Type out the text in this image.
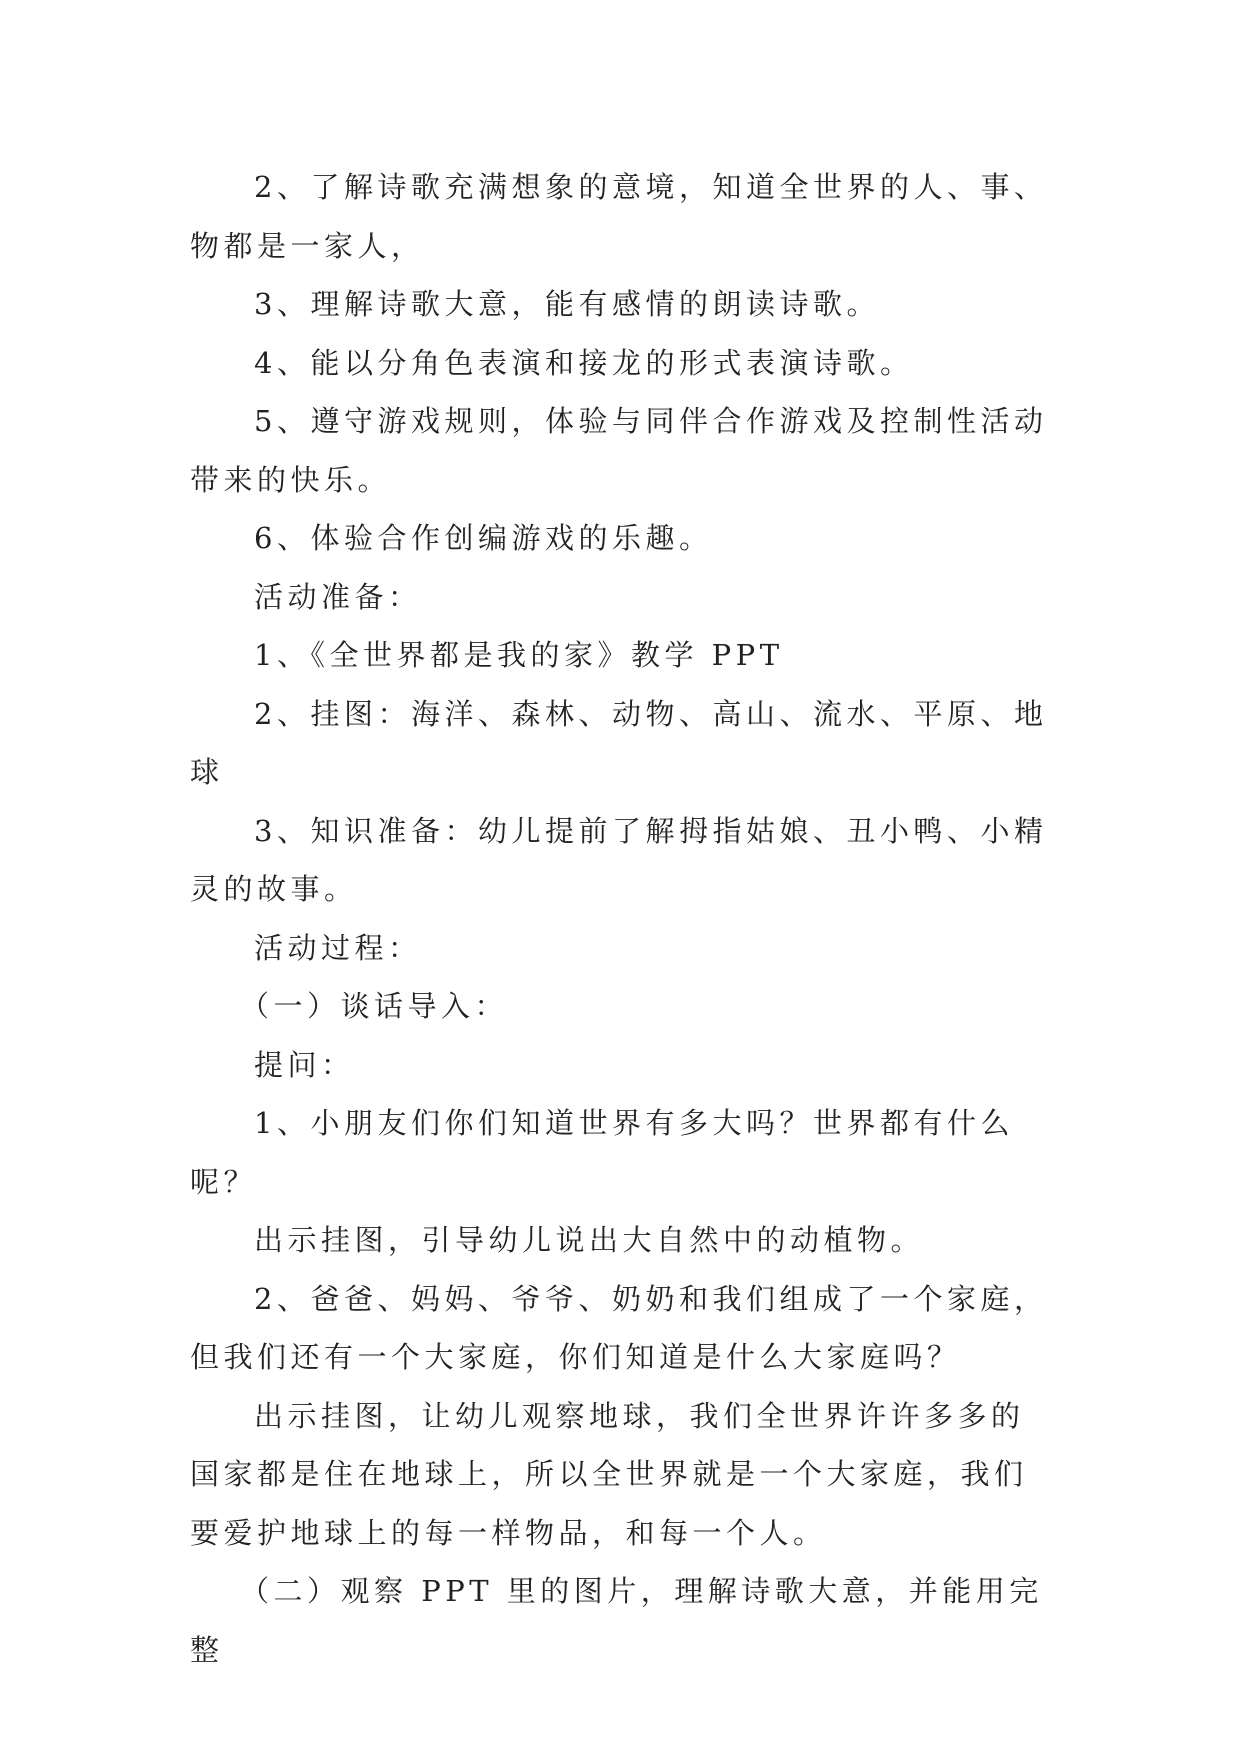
2、了解诗歌充满想象的意境，知道全世界的人、事、物都是一家人，

3、理解诗歌大意，能有感情的朗读诗歌。

4、能以分角色表演和接龙的形式表演诗歌。

5、遵守游戏规则，体验与同伴合作游戏及控制性活动带来的快乐。

6、体验合作创编游戏的乐趣。

活动准备：

1、《全世界都是我的家》教学 PPT

2、挂图：海洋、森林、动物、高山、流水、平原、地球

3、知识准备：幼儿提前了解拇指姑娘、丑小鸭、小精灵的故事。

活动过程：

（一）谈话导入：

提问：

1、小朋友们你们知道世界有多大吗？世界都有什么呢？

出示挂图，引导幼儿说出大自然中的动植物。

2、爸爸、妈妈、爷爷、奶奶和我们组成了一个家庭，但我们还有一个大家庭，你们知道是什么大家庭吗？

出示挂图，让幼儿观察地球，我们全世界许许多多的国家都是住在地球上，所以全世界就是一个大家庭，我们要爱护地球上的每一样物品，和每一个人。

（二）观察 PPT 里的图片，理解诗歌大意，并能用完整
